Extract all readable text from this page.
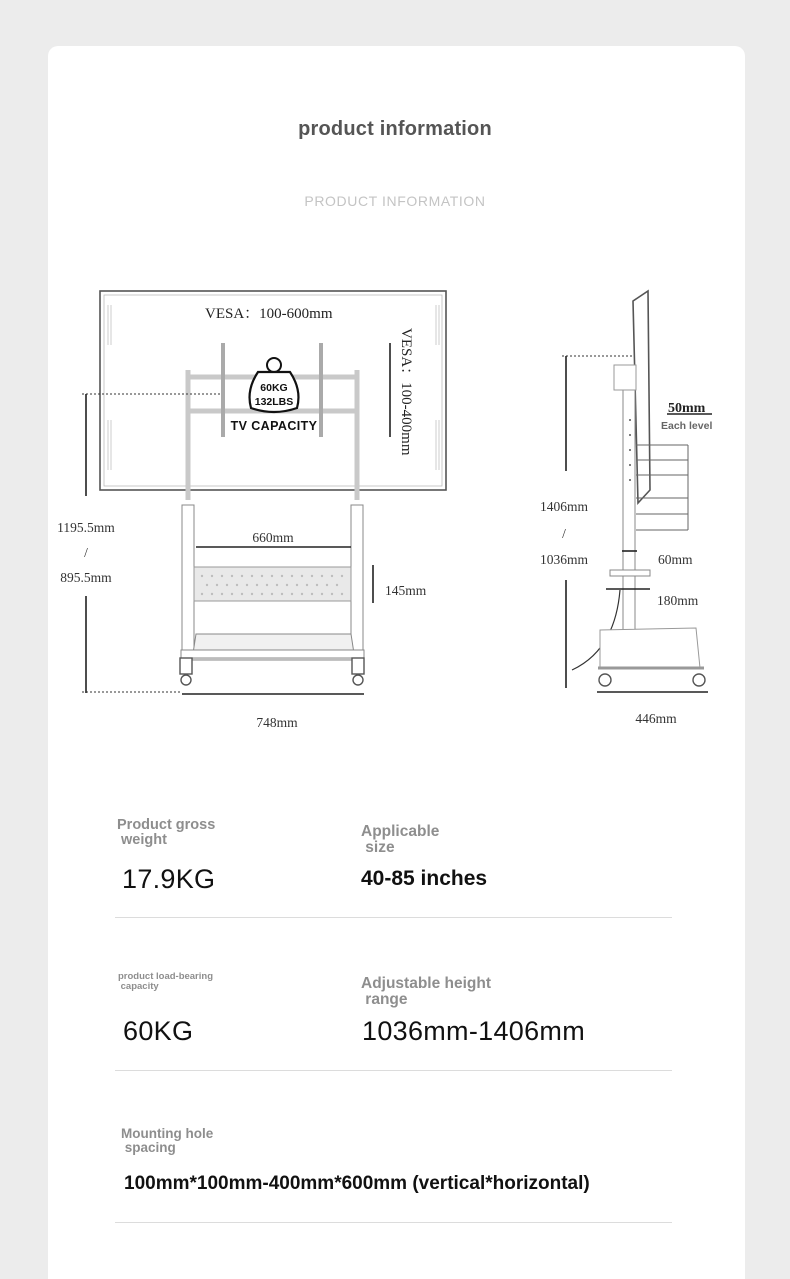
product information
PRODUCT INFORMATION
60KG
132LBS
TV CAPACITY
VESA：100-600mm
VESA：100-400mm
660mm
145mm
1195.5mm
/
895.5mm
748mm
50mm
Each level
60mm
180mm
1406mm
/
1036mm
446mm
Product gross
weight
17.9KG
Applicable
size
40-85 inches
product load-bearing
capacity
60KG
Adjustable height
range
1036mm-1406mm
Mounting hole
spacing
100mm*100mm-400mm*600mm (vertical*horizontal)
